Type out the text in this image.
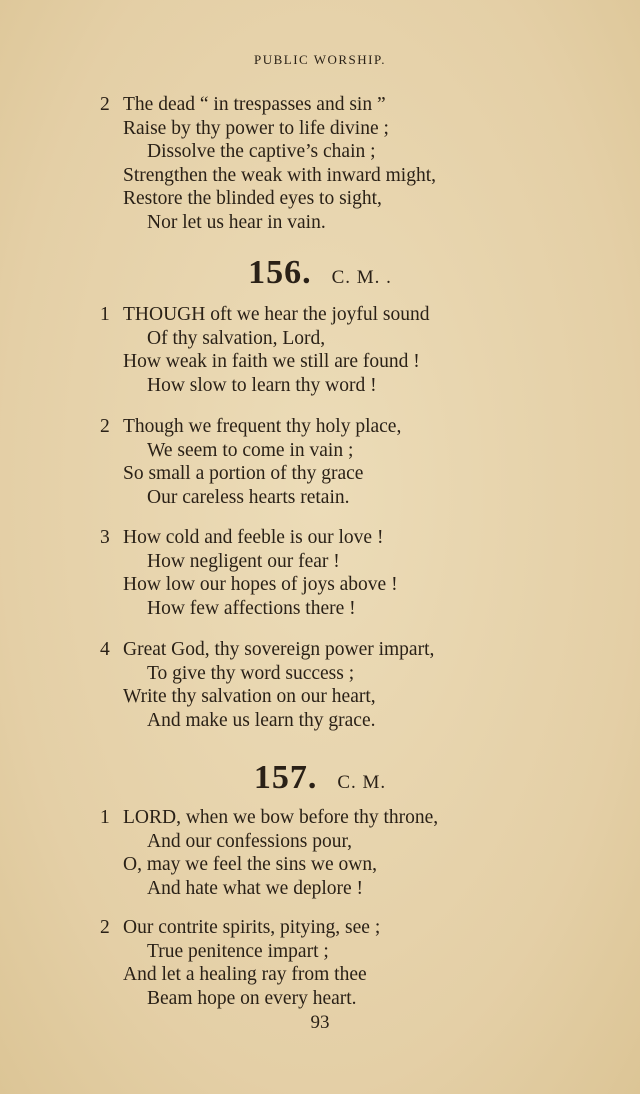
PUBLIC WORSHIP.
2 The dead “ in trespasses and sin ”
Raise by thy power to life divine ;
Dissolve the captive’s chain ;
Strengthen the weak with inward might,
Restore the blinded eyes to sight,
Nor let us hear in vain.
156. C. M. .
1 THOUGH oft we hear the joyful sound
Of thy salvation, Lord,
How weak in faith we still are found !
How slow to learn thy word !
2 Though we frequent thy holy place,
We seem to come in vain ;
So small a portion of thy grace
Our careless hearts retain.
3 How cold and feeble is our love !
How negligent our fear !
How low our hopes of joys above !
How few affections there !
4 Great God, thy sovereign power impart,
To give thy word success ;
Write thy salvation on our heart,
And make us learn thy grace.
157. C. M.
1 LORD, when we bow before thy throne,
And our confessions pour,
O, may we feel the sins we own,
And hate what we deplore !
2 Our contrite spirits, pitying, see ;
True penitence impart ;
And let a healing ray from thee
Beam hope on every heart.
93
